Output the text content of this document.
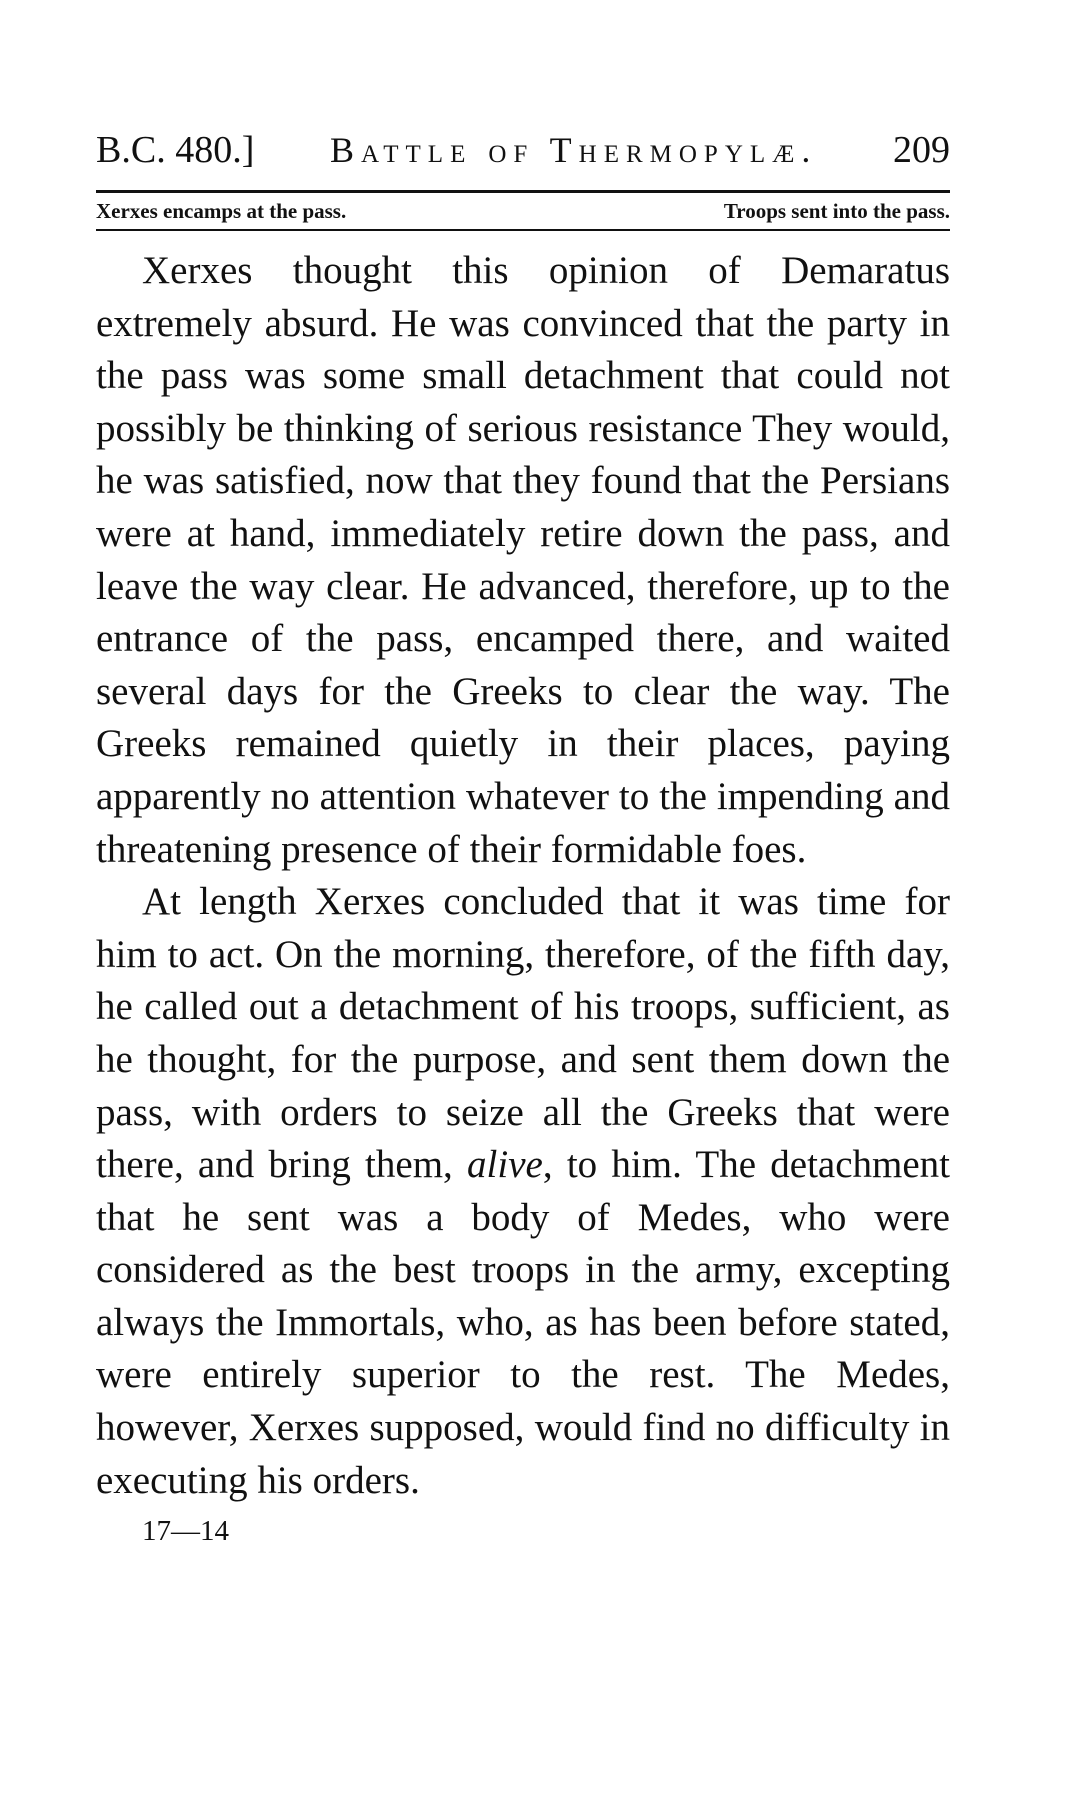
B.C. 480.] Battle of Thermopylæ. 209
Xerxes encamps at the pass.	Troops sent into the pass.

Xerxes thought this opinion of Demaratus extremely absurd. He was convinced that the party in the pass was some small detachment that could not possibly be thinking of serious resistance They would, he was satisfied, now that they found that the Persians were at hand, immediately retire down the pass, and leave the way clear. He advanced, therefore, up to the entrance of the pass, encamped there, and waited several days for the Greeks to clear the way. The Greeks remained quietly in their places, paying apparently no attention whatever to the impending and threatening presence of their formidable foes.

At length Xerxes concluded that it was time for him to act. On the morning, therefore, of the fifth day, he called out a detachment of his troops, sufficient, as he thought, for the purpose, and sent them down the pass, with orders to seize all the Greeks that were there, and bring them, alive, to him. The detachment that he sent was a body of Medes, who were considered as the best troops in the army, excepting always the Immortals, who, as has been before stated, were entirely superior to the rest. The Medes, however, Xerxes supposed, would find no difficulty in executing his orders.

17—14
